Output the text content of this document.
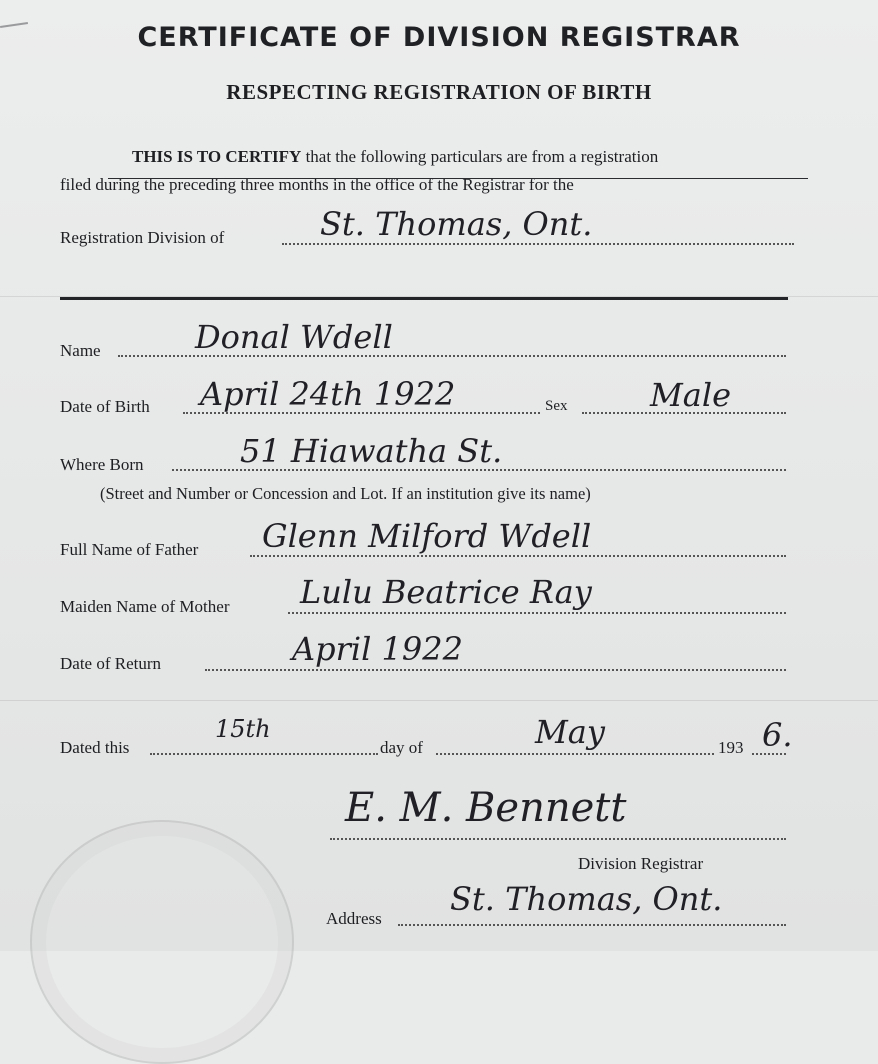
CERTIFICATE OF DIVISION REGISTRAR
RESPECTING REGISTRATION OF BIRTH
THIS IS TO CERTIFY that the following particulars are from a registration
filed during the preceding three months in the office of the Registrar for the
Registration Division of	St. Thomas, Ont.
Name	Donal Wdell
Date of Birth April 24th 1922	Sex	Male
Where Born	51 Hiawatha St.
(Street and Number or Concession and Lot. If an institution give its name)
Full Name of Father Glenn Milford Wdell
Maiden Name of Mother Lulu Beatrice Ray
Date of Return	April 1922
Dated this
15th
day of	May	193 6.
E. M. Bennett
Division Registrar
Address
St. Thomas, Ont.
